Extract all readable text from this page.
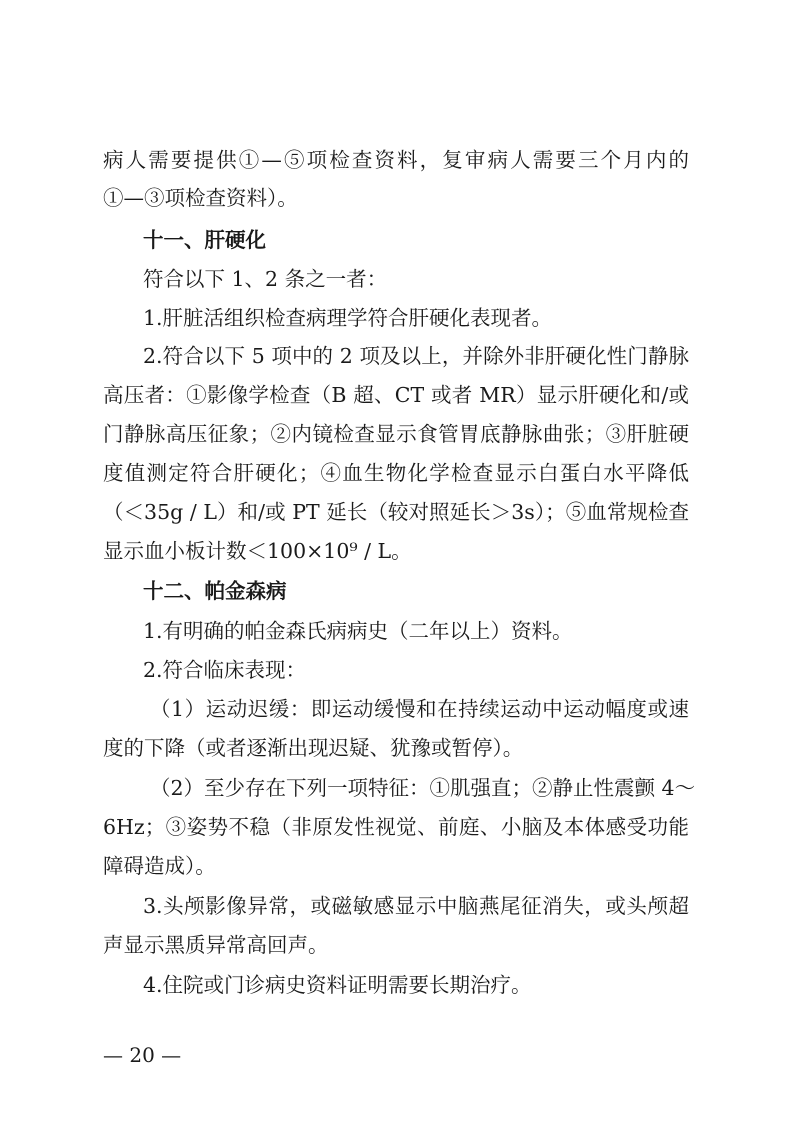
病人需要提供①—⑤项检查资料，复审病人需要三个月内的
①—③项检查资料）。
十一、肝硬化
符合以下 1、2 条之一者：
1.肝脏活组织检查病理学符合肝硬化表现者。
2.符合以下 5 项中的 2 项及以上，并除外非肝硬化性门静脉
高压者：①影像学检查（B 超、CT 或者 MR）显示肝硬化和/或
门静脉高压征象；②内镜检查显示食管胃底静脉曲张；③肝脏硬
度值测定符合肝硬化；④血生物化学检查显示白蛋白水平降低
（＜35g / L）和/或 PT 延长（较对照延长＞3s）；⑤血常规检查
显示血小板计数＜100×10⁹ / L。
十二、帕金森病
1.有明确的帕金森氏病病史（二年以上）资料。
2.符合临床表现：
（1）运动迟缓：即运动缓慢和在持续运动中运动幅度或速
度的下降（或者逐渐出现迟疑、犹豫或暂停）。
（2）至少存在下列一项特征：①肌强直；②静止性震颤 4～
6Hz；③姿势不稳（非原发性视觉、前庭、小脑及本体感受功能
障碍造成）。
3.头颅影像异常，或磁敏感显示中脑燕尾征消失，或头颅超
声显示黑质异常高回声。
4.住院或门诊病史资料证明需要长期治疗。
— 20 —
